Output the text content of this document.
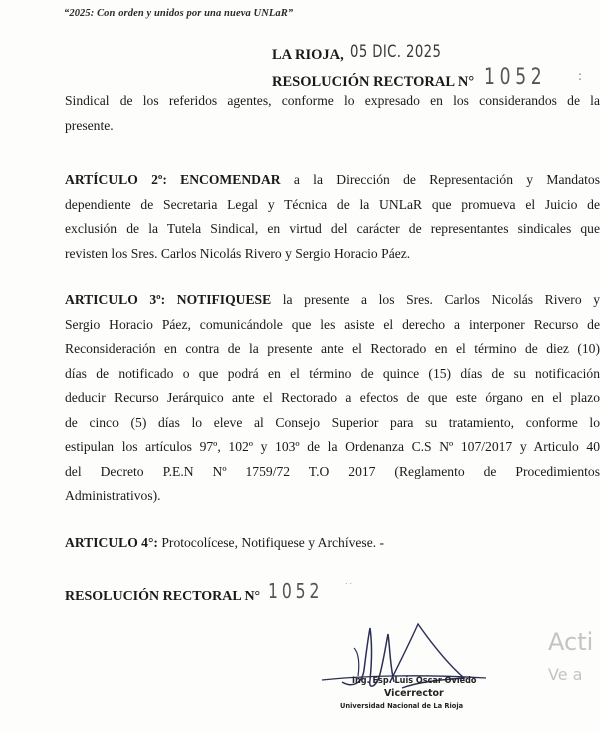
“2025: Con orden y unidos por una nueva UNLaR”
LA RIOJA, 05 DIC. 2025
RESOLUCIÓN RECTORAL N° 1052	:
Sindical de los referidos agentes, conforme lo expresado en los considerandos de la
presente.
ARTÍCULO 2º: ENCOMENDAR a la Dirección de Representación y Mandatos
dependiente de Secretaria Legal y Técnica de la UNLaR que promueva el Juicio de
exclusión de la Tutela Sindical, en virtud del carácter de representantes sindicales que
revisten los Sres. Carlos Nicolás Rivero y Sergio Horacio Páez.
ARTICULO 3º: NOTIFIQUESE la presente a los Sres. Carlos Nicolás Rivero y
Sergio Horacio Páez, comunicándole que les asiste el derecho a interponer Recurso de
Reconsideración en contra de la presente ante el Rectorado en el término de diez (10)
días de notificado o que podrá en el término de quince (15) días de su notificación
deducir Recurso Jerárquico ante el Rectorado a efectos de que este órgano en el plazo
de cinco (5) días lo eleve al Consejo Superior para su tratamiento, conforme lo
estipulan los artículos 97º, 102º y 103º de la Ordenanza C.S Nº 107/2017 y Articulo 40
del Decreto P.E.N Nº 1759/72 T.O 2017 (Reglamento de Procedimientos
Administrativos).
ARTICULO 4°: Protocolícese, Notifiquese y Archívese. -
RESOLUCIÓN RECTORAL N° 1052	˙˙
Ing. Esp. Luis Oscar Oviedo
Vicerrector
Universidad Nacional de La Rioja
Acti
Ve a
